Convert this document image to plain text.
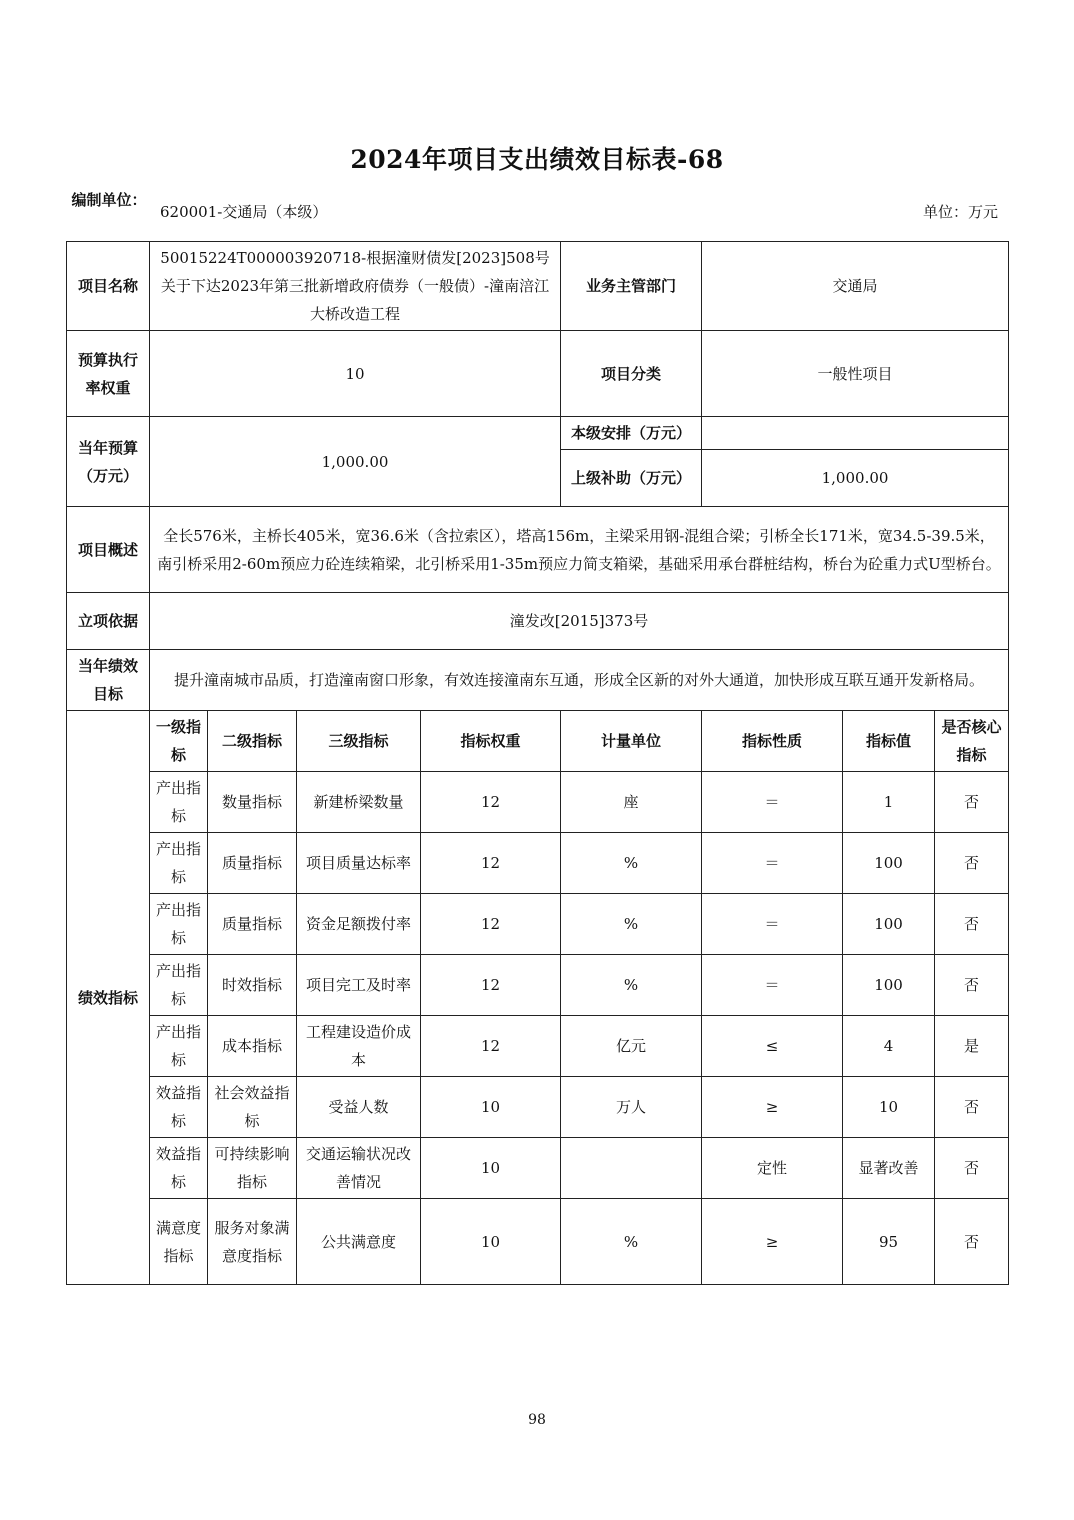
2024年项目支出绩效目标表-68
编制单位：
620001-交通局（本级）	单位：万元
项目名称	50015224T000003920718-根据潼财债发[2023]508号关于下达2023年第三批新增政府债券（一般债）-潼南涪江大桥改造工程				业务主管部门	交通局		
预算执行率权重	10				项目分类	一般性项目		
当年预算（万元）	1,000.00				本级安排（万元）			
					上级补助（万元）	1,000.00		
项目概述	全长576米，主桥长405米，宽36.6米（含拉索区），塔高156m，主梁采用钢-混组合梁；引桥全长171米，宽34.5-39.5米，南引桥采用2-60m预应力砼连续箱梁，北引桥采用1-35m预应力简支箱梁，基础采用承台群桩结构，桥台为砼重力式U型桥台。							
立项依据	潼发改[2015]373号							
当年绩效目标	提升潼南城市品质，打造潼南窗口形象，有效连接潼南东互通，形成全区新的对外大通道，加快形成互联互通开发新格局。							
绩效指标	一级指标	二级指标	三级指标	指标权重	计量单位	指标性质	指标值	是否核心指标
	产出指标	数量指标	新建桥梁数量	12	座	＝	1	否
	产出指标	质量指标	项目质量达标率	12	%	＝	100	否
	产出指标	质量指标	资金足额拨付率	12	%	＝	100	否
	产出指标	时效指标	项目完工及时率	12	%	＝	100	否
	产出指标	成本指标	工程建设造价成本	12	亿元	≤	4	是
	效益指标	社会效益指标	受益人数	10	万人	≥	10	否
	效益指标	可持续影响指标	交通运输状况改善情况	10		定性	显著改善	否
	满意度指标	服务对象满意度指标	公共满意度	10	%	≥	95	否
98
